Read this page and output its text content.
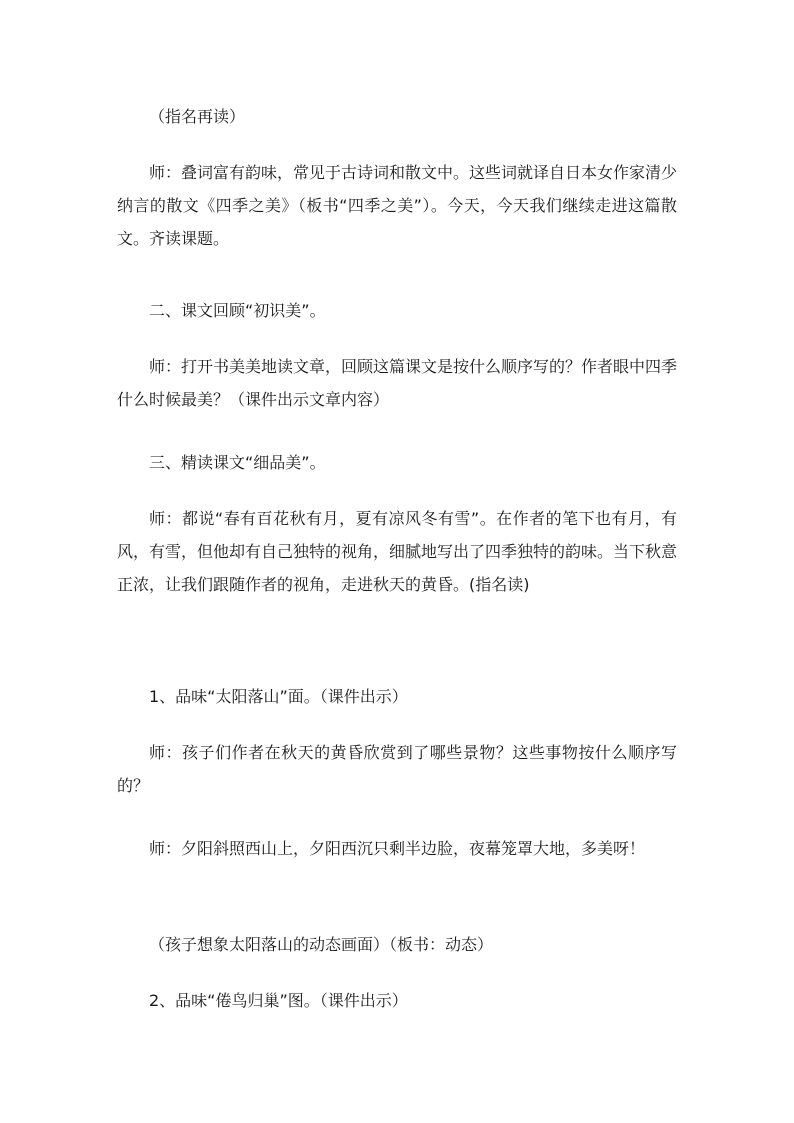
（指名再读）

师：叠词富有韵味，常见于古诗词和散文中。这些词就译自日本女作家清少纳言的散文《四季之美》（板书“四季之美”）。今天，今天我们继续走进这篇散文。齐读课题。

二、课文回顾“初识美”。

师：打开书美美地读文章，回顾这篇课文是按什么顺序写的？作者眼中四季什么时候最美？（课件出示文章内容）

三、精读课文“细品美”。

师：都说“春有百花秋有月，夏有凉风冬有雪”。在作者的笔下也有月，有风，有雪，但他却有自己独特的视角，细腻地写出了四季独特的韵味。当下秋意正浓，让我们跟随作者的视角，走进秋天的黄昏。(指名读)

1、品味“太阳落山”面。（课件出示）

师：孩子们作者在秋天的黄昏欣赏到了哪些景物？这些事物按什么顺序写的？

师：夕阳斜照西山上，夕阳西沉只剩半边脸，夜幕笼罩大地，多美呀！

（孩子想象太阳落山的动态画面）（板书：动态）

2、品味“倦鸟归巢”图。（课件出示）
